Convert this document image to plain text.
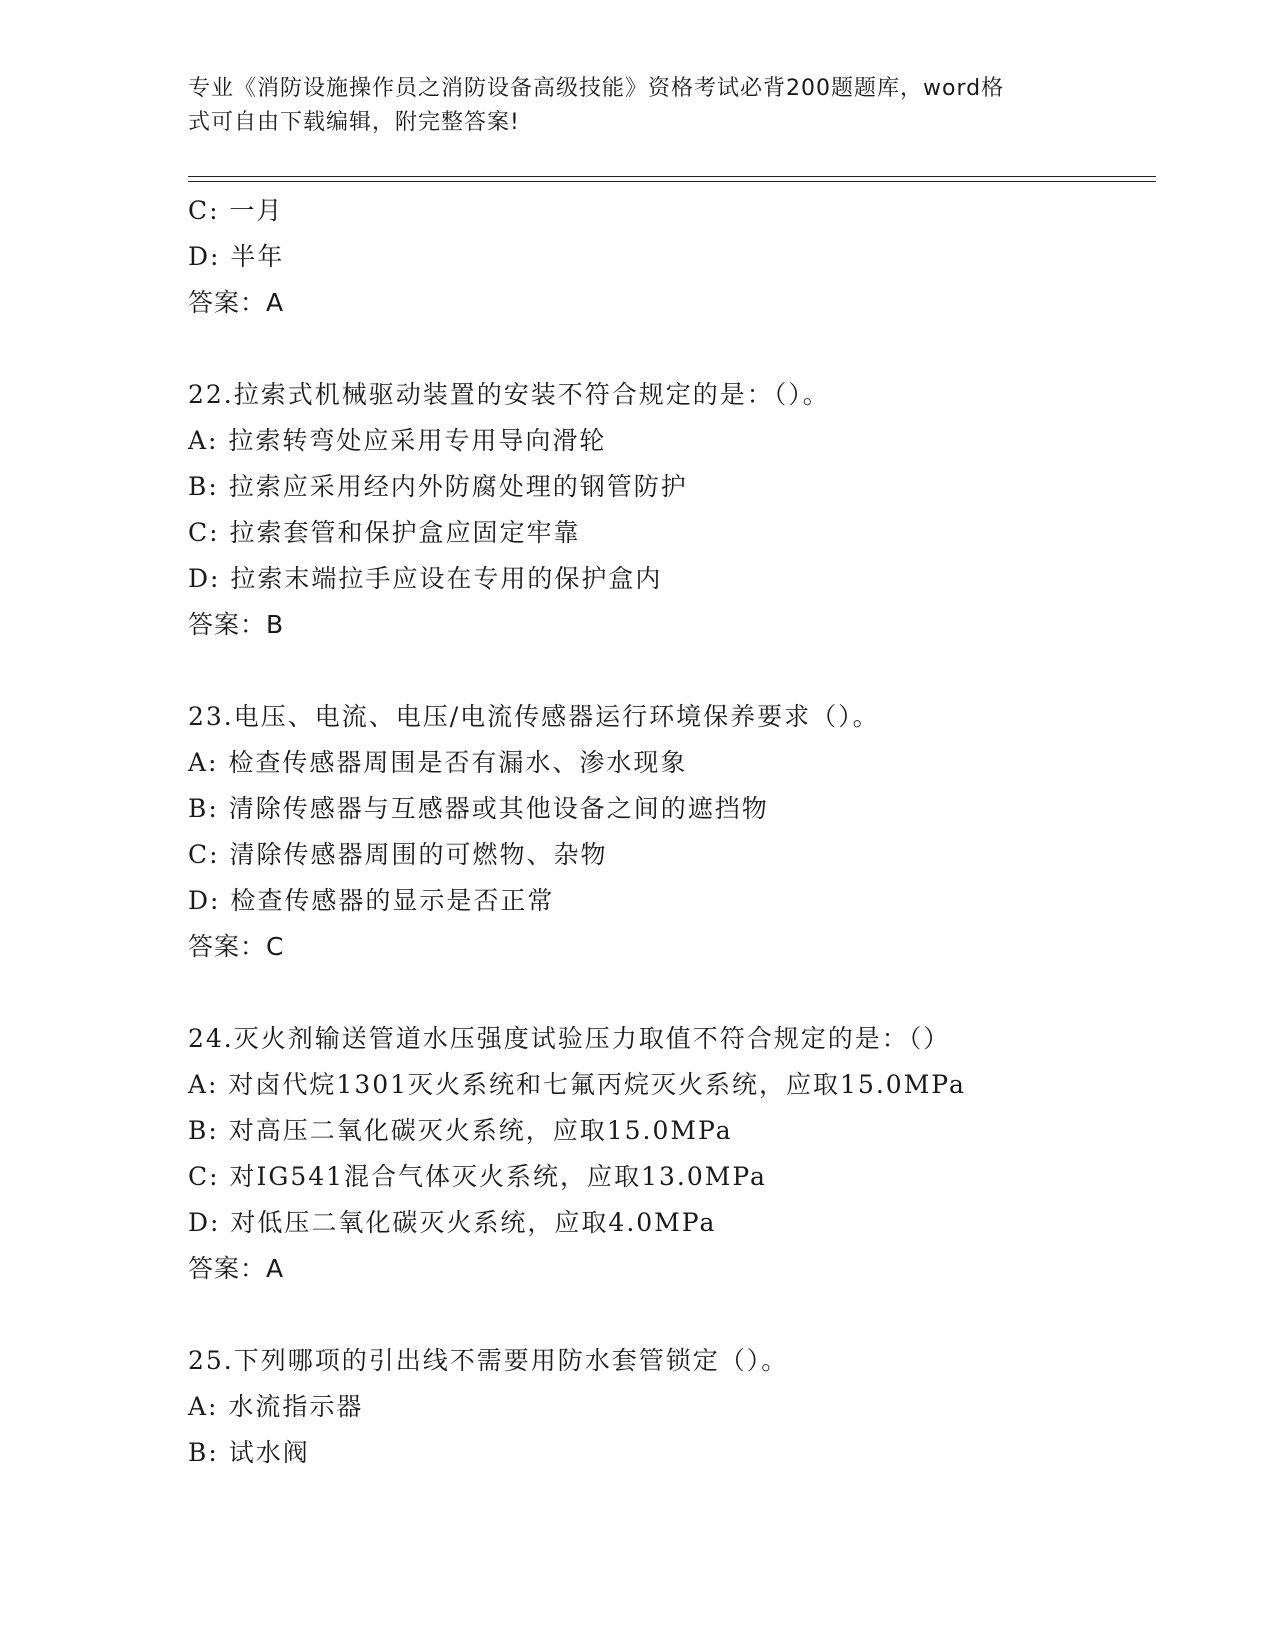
专业《消防设施操作员之消防设备高级技能》资格考试必背200题题库，word格

式可自由下载编辑，附完整答案!

C: 一月
D: 半年
答案：A
22.拉索式机械驱动装置的安装不符合规定的是：（）。
A: 拉索转弯处应采用专用导向滑轮
B: 拉索应采用经内外防腐处理的钢管防护
C: 拉索套管和保护盒应固定牢靠
D: 拉索末端拉手应设在专用的保护盒内
答案：B
23.电压、电流、电压/电流传感器运行环境保养要求（）。
A: 检查传感器周围是否有漏水、渗水现象
B: 清除传感器与互感器或其他设备之间的遮挡物
C: 清除传感器周围的可燃物、杂物
D: 检查传感器的显示是否正常
答案：C
24.灭火剂输送管道水压强度试验压力取值不符合规定的是：（）
A: 对卤代烷1301灭火系统和七氟丙烷灭火系统，应取15.0MPa
B: 对高压二氧化碳灭火系统，应取15.0MPa
C: 对IG541混合气体灭火系统，应取13.0MPa
D: 对低压二氧化碳灭火系统，应取4.0MPa
答案：A
25.下列哪项的引出线不需要用防水套管锁定（）。
A: 水流指示器
B: 试水阀
